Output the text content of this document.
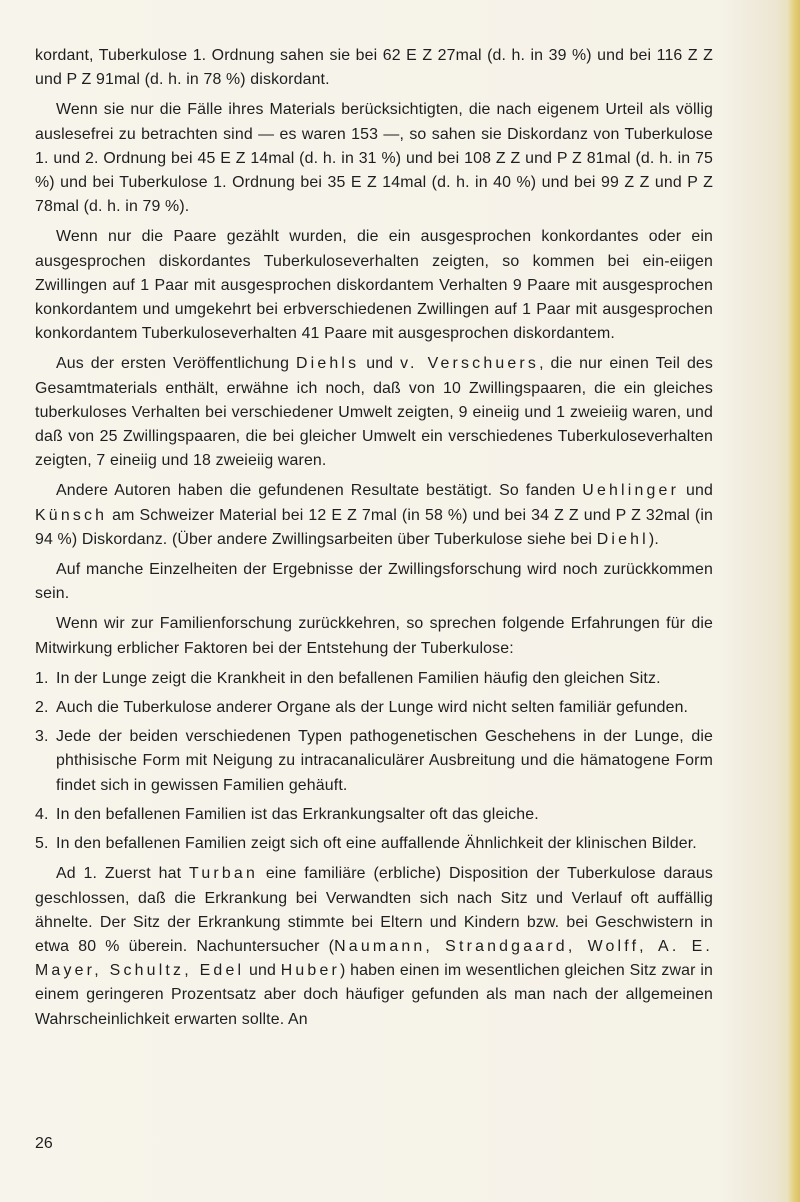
kordant, Tuberkulose 1. Ordnung sahen sie bei 62 E Z 27mal (d. h. in 39 %) und bei 116 Z Z und P Z 91mal (d. h. in 78 %) diskordant.

Wenn sie nur die Fälle ihres Materials berücksichtigten, die nach eigenem Urteil als völlig auslesefrei zu betrachten sind — es waren 153 —, so sahen sie Diskordanz von Tuberkulose 1. und 2. Ordnung bei 45 E Z 14mal (d. h. in 31 %) und bei 108 Z Z und P Z 81mal (d. h. in 75 %) und bei Tuberkulose 1. Ordnung bei 35 E Z 14mal (d. h. in 40 %) und bei 99 Z Z und P Z 78mal (d. h. in 79 %).

Wenn nur die Paare gezählt wurden, die ein ausgesprochen konkordantes oder ein ausgesprochen diskordantes Tuberkuloseverhalten zeigten, so kommen bei ein-eiigen Zwillingen auf 1 Paar mit ausgesprochen diskordantem Verhalten 9 Paare mit ausgesprochen konkordantem und umgekehrt bei erbverschiedenen Zwillingen auf 1 Paar mit ausgesprochen konkordantem Tuberkuloseverhalten 41 Paare mit ausgesprochen diskordantem.

Aus der ersten Veröffentlichung Diehls und v. Verschuers, die nur einen Teil des Gesamtmaterials enthält, erwähne ich noch, daß von 10 Zwillingspaaren, die ein gleiches tuberkuloses Verhalten bei verschiedener Umwelt zeigten, 9 eineiig und 1 zweieiig waren, und daß von 25 Zwillingspaaren, die bei gleicher Umwelt ein verschiedenes Tuberkuloseverhalten zeigten, 7 eineiig und 18 zweieiig waren.

Andere Autoren haben die gefundenen Resultate bestätigt. So fanden Uehlinger und Künsch am Schweizer Material bei 12 E Z 7mal (in 58 %) und bei 34 Z Z und P Z 32mal (in 94 %) Diskordanz. (Über andere Zwillingsarbeiten über Tuberkulose siehe bei Diehl).

Auf manche Einzelheiten der Ergebnisse der Zwillingsforschung wird noch zurückkommen sein.

Wenn wir zur Familienforschung zurückkehren, so sprechen folgende Erfahrungen für die Mitwirkung erblicher Faktoren bei der Entstehung der Tuberkulose:

1. In der Lunge zeigt die Krankheit in den befallenen Familien häufig den gleichen Sitz.
2. Auch die Tuberkulose anderer Organe als der Lunge wird nicht selten familiär gefunden.
3. Jede der beiden verschiedenen Typen pathogenetischen Geschehens in der Lunge, die phthisische Form mit Neigung zu intracanaliculärer Ausbreitung und die hämatogene Form findet sich in gewissen Familien gehäuft.
4. In den befallenen Familien ist das Erkrankungsalter oft das gleiche.
5. In den befallenen Familien zeigt sich oft eine auffallende Ähnlichkeit der klinischen Bilder.

Ad 1. Zuerst hat Turban eine familiäre (erbliche) Disposition der Tuberkulose daraus geschlossen, daß die Erkrankung bei Verwandten sich nach Sitz und Verlauf oft auffällig ähnelte. Der Sitz der Erkrankung stimmte bei Eltern und Kindern bzw. bei Geschwistern in etwa 80 % überein. Nachuntersucher (Naumann, Strandgaard, Wolff, A. E. Mayer, Schultz, Edel und Huber) haben einen im wesentlichen gleichen Sitz zwar in einem geringeren Prozentsatz aber doch häufiger gefunden als man nach der allgemeinen Wahrscheinlichkeit erwarten sollte. An

26
